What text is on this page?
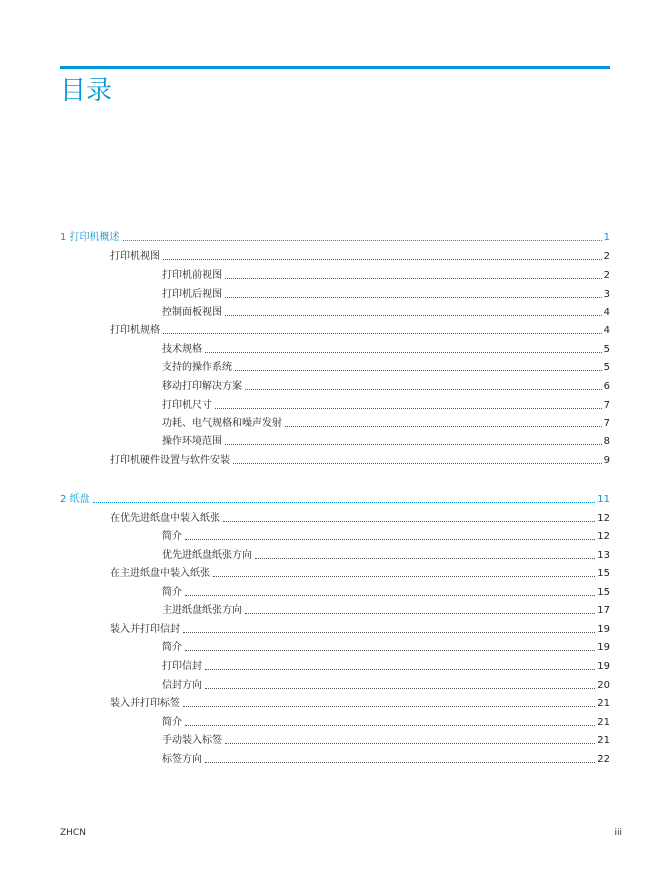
目录
1 打印机概述	1
打印机视图	2
打印机前视图	2
打印机后视图	3
控制面板视图	4
打印机规格	4
技术规格	5
支持的操作系统	5
移动打印解决方案	6
打印机尺寸	7
功耗、电气规格和噪声发射	7
操作环境范围	8
打印机硬件设置与软件安装	9
2 纸盘	11
在优先进纸盘中装入纸张	12
简介	12
优先进纸盘纸张方向	13
在主进纸盘中装入纸张	15
简介	15
主进纸盘纸张方向	17
装入并打印信封	19
简介	19
打印信封	19
信封方向	20
装入并打印标签	21
简介	21
手动装入标签	21
标签方向	22
ZHCN	iii
